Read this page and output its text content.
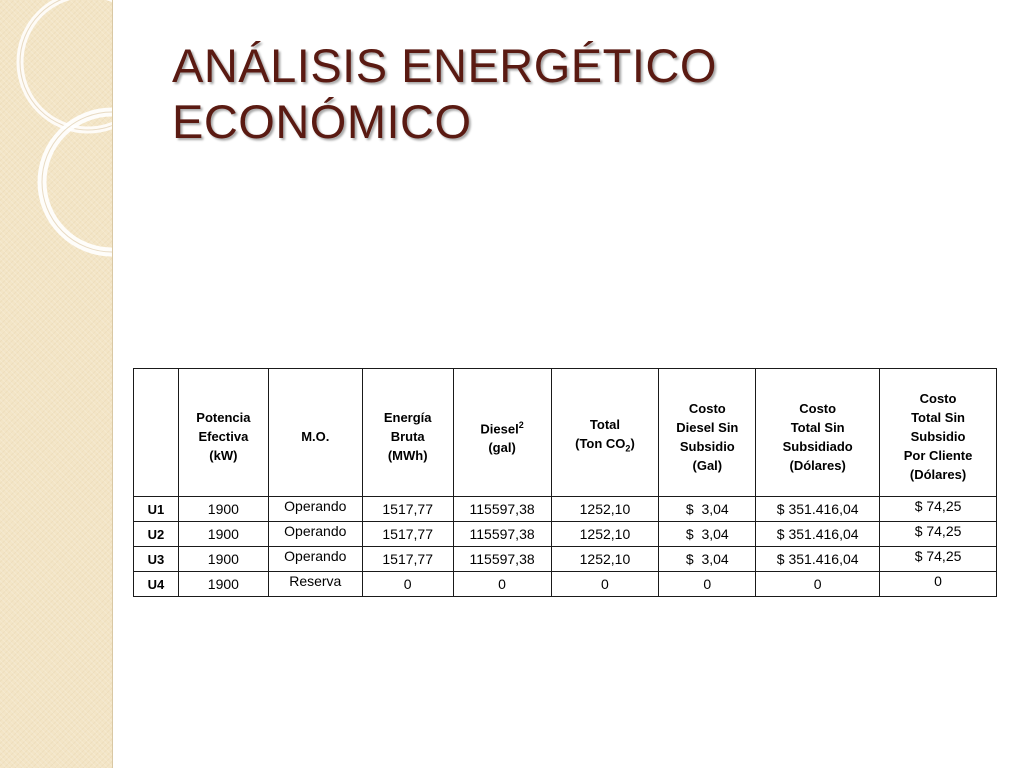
ANÁLISIS ENERGÉTICO
ECONÓMICO

	Potencia
Efectiva
(kW)	M.O.	Energía
Bruta
(MWh)	Diesel$^2$
(gal)	Total
(Ton $CO_2$)	Costo
Diesel Sin
Subsidio
(Gal)	Costo
Total Sin
Subsidiado
(Dólares)	Costo
Total Sin
Subsidio
Por Cliente
(Dólares)

U1	1900	Operando	1517,77	115597,38	1252,10	$  3,04	$ 351.416,04	$ 74,25
U2	1900	Operando	1517,77	115597,38	1252,10	$  3,04	$ 351.416,04	$ 74,25
U3	1900	Operando	1517,77	115597,38	1252,10	$  3,04	$ 351.416,04	$ 74,25
U4	1900	Reserva	0	0	0	0	0	0
